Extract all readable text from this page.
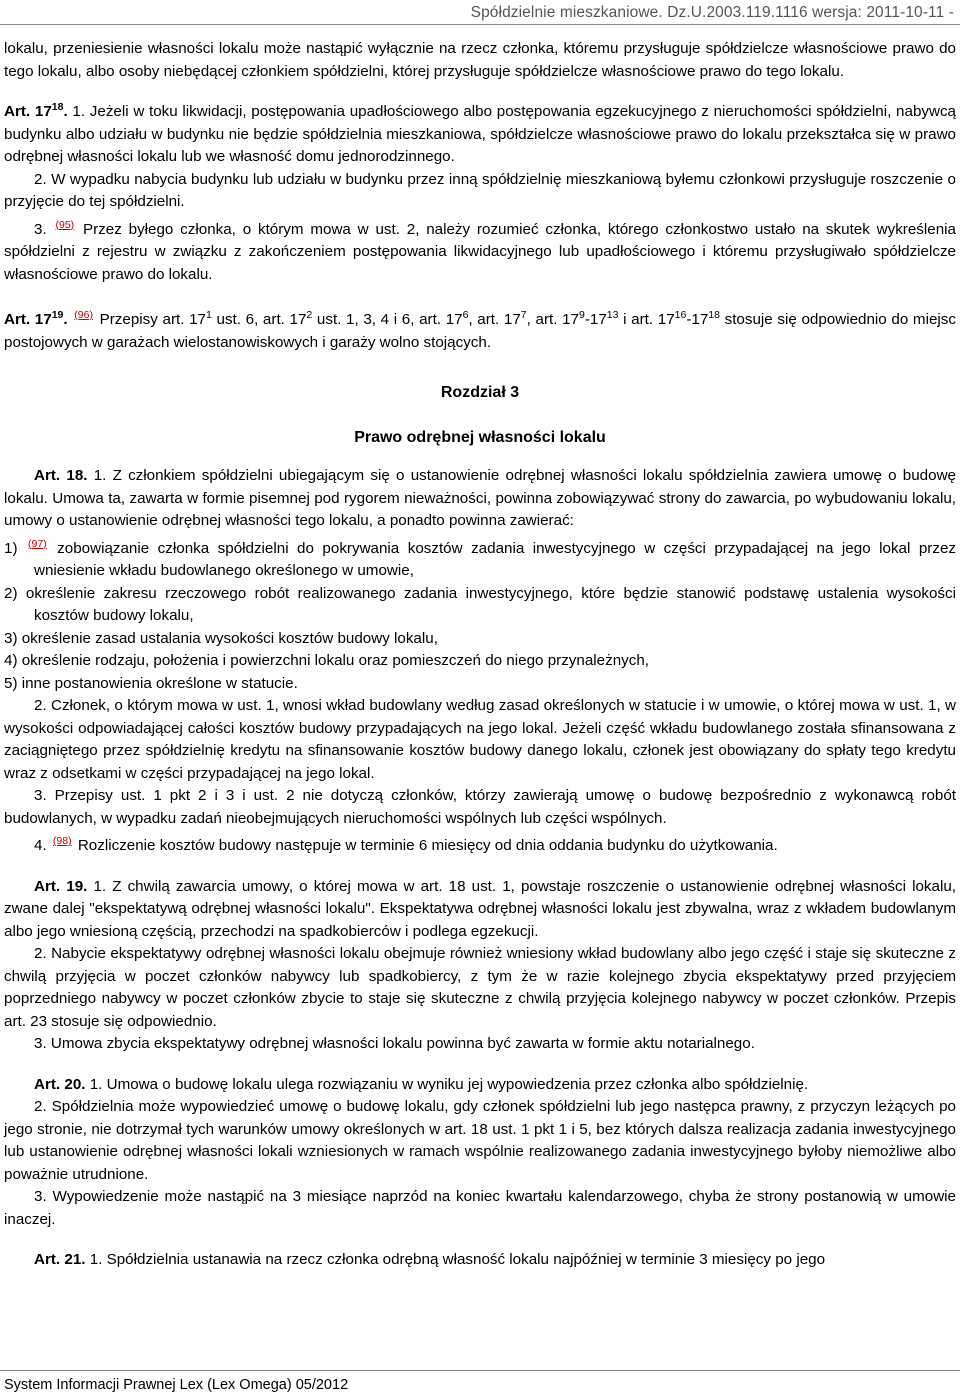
Spółdzielnie mieszkaniowe. Dz.U.2003.119.1116 wersja: 2011-10-11 -

lokalu, przeniesienie własności lokalu może nastąpić wyłącznie na rzecz członka, któremu przysługuje spółdzielcze własnościowe prawo do tego lokalu, albo osoby niebędącej członkiem spółdzielni, której przysługuje spółdzielcze własnościowe prawo do tego lokalu.

Art. $17^{18}$. 1. Jeżeli w toku likwidacji, postępowania upadłościowego albo postępowania egzekucyjnego z nieruchomości spółdzielni, nabywcą budynku albo udziału w budynku nie będzie spółdzielnia mieszkaniowa, spółdzielcze własnościowe prawo do lokalu przekształca się w prawo odrębnej własności lokalu lub we własność domu jednorodzinnego.

2. W wypadku nabycia budynku lub udziału w budynku przez inną spółdzielnię mieszkaniową byłemu członkowi przysługuje roszczenie o przyjęcie do tej spółdzielni.

3. $^{(95)}$ Przez byłego członka, o którym mowa w ust. 2, należy rozumieć członka, którego członkostwo ustało na skutek wykreślenia spółdzielni z rejestru w związku z zakończeniem postępowania likwidacyjnego lub upadłościowego i któremu przysługiwało spółdzielcze własnościowe prawo do lokalu.

Art. $17^{19}$. $^{(96)}$ Przepisy art. $17^1$ ust. 6, art. $17^2$ ust. 1, 3, 4 i 6, art. $17^6$, art. $17^7$, art. $17^9-17^{13}$ i art. $17^{16}-17^{18}$ stosuje się odpowiednio do miejsc postojowych w garażach wielostanowiskowych i garaży wolno stojących.

Rozdział 3

Prawo odrębnej własności lokalu

Art. 18. 1. Z członkiem spółdzielni ubiegającym się o ustanowienie odrębnej własności lokalu spółdzielnia zawiera umowę o budowę lokalu. Umowa ta, zawarta w formie pisemnej pod rygorem nieważności, powinna zobowiązywać strony do zawarcia, po wybudowaniu lokalu, umowy o ustanowienie odrębnej własności tego lokalu, a ponadto powinna zawierać:

1) $^{(97)}$ zobowiązanie członka spółdzielni do pokrywania kosztów zadania inwestycyjnego w części przypadającej na jego lokal przez wniesienie wkładu budowlanego określonego w umowie,

2) określenie zakresu rzeczowego robót realizowanego zadania inwestycyjnego, które będzie stanowić podstawę ustalenia wysokości kosztów budowy lokalu,

3) określenie zasad ustalania wysokości kosztów budowy lokalu,

4) określenie rodzaju, położenia i powierzchni lokalu oraz pomieszczeń do niego przynależnych,

5) inne postanowienia określone w statucie.

2. Członek, o którym mowa w ust. 1, wnosi wkład budowlany według zasad określonych w statucie i w umowie, o której mowa w ust. 1, w wysokości odpowiadającej całości kosztów budowy przypadających na jego lokal. Jeżeli część wkładu budowlanego została sfinansowana z zaciągniętego przez spółdzielnię kredytu na sfinansowanie kosztów budowy danego lokalu, członek jest obowiązany do spłaty tego kredytu wraz z odsetkami w części przypadającej na jego lokal.

3. Przepisy ust. 1 pkt 2 i 3 i ust. 2 nie dotyczą członków, którzy zawierają umowę o budowę bezpośrednio z wykonawcą robót budowlanych, w wypadku zadań nieobejmujących nieruchomości wspólnych lub części wspólnych.

4. $^{(98)}$ Rozliczenie kosztów budowy następuje w terminie 6 miesięcy od dnia oddania budynku do użytkowania.

Art. 19. 1. Z chwilą zawarcia umowy, o której mowa w art. 18 ust. 1, powstaje roszczenie o ustanowienie odrębnej własności lokalu, zwane dalej "ekspektatywą odrębnej własności lokalu". Ekspektatywa odrębnej własności lokalu jest zbywalna, wraz z wkładem budowlanym albo jego wniesioną częścią, przechodzi na spadkobierców i podlega egzekucji.

2. Nabycie ekspektatywy odrębnej własności lokalu obejmuje również wniesiony wkład budowlany albo jego część i staje się skuteczne z chwilą przyjęcia w poczet członków nabywcy lub spadkobiercy, z tym że w razie kolejnego zbycia ekspektatywy przed przyjęciem poprzedniego nabywcy w poczet członków zbycie to staje się skuteczne z chwilą przyjęcia kolejnego nabywcy w poczet członków. Przepis art. 23 stosuje się odpowiednio.

3. Umowa zbycia ekspektatywy odrębnej własności lokalu powinna być zawarta w formie aktu notarialnego.

Art. 20. 1. Umowa o budowę lokalu ulega rozwiązaniu w wyniku jej wypowiedzenia przez członka albo spółdzielnię.

2. Spółdzielnia może wypowiedzieć umowę o budowę lokalu, gdy członek spółdzielni lub jego następca prawny, z przyczyn leżących po jego stronie, nie dotrzymał tych warunków umowy określonych w art. 18 ust. 1 pkt 1 i 5, bez których dalsza realizacja zadania inwestycyjnego lub ustanowienie odrębnej własności lokali wzniesionych w ramach wspólnie realizowanego zadania inwestycyjnego byłoby niemożliwe albo poważnie utrudnione.

3. Wypowiedzenie może nastąpić na 3 miesiące naprzód na koniec kwartału kalendarzowego, chyba że strony postanowią w umowie inaczej.

Art. 21. 1. Spółdzielnia ustanawia na rzecz członka odrębną własność lokalu najpóźniej w terminie 3 miesięcy po jego

System Informacji Prawnej Lex (Lex Omega) 05/2012
